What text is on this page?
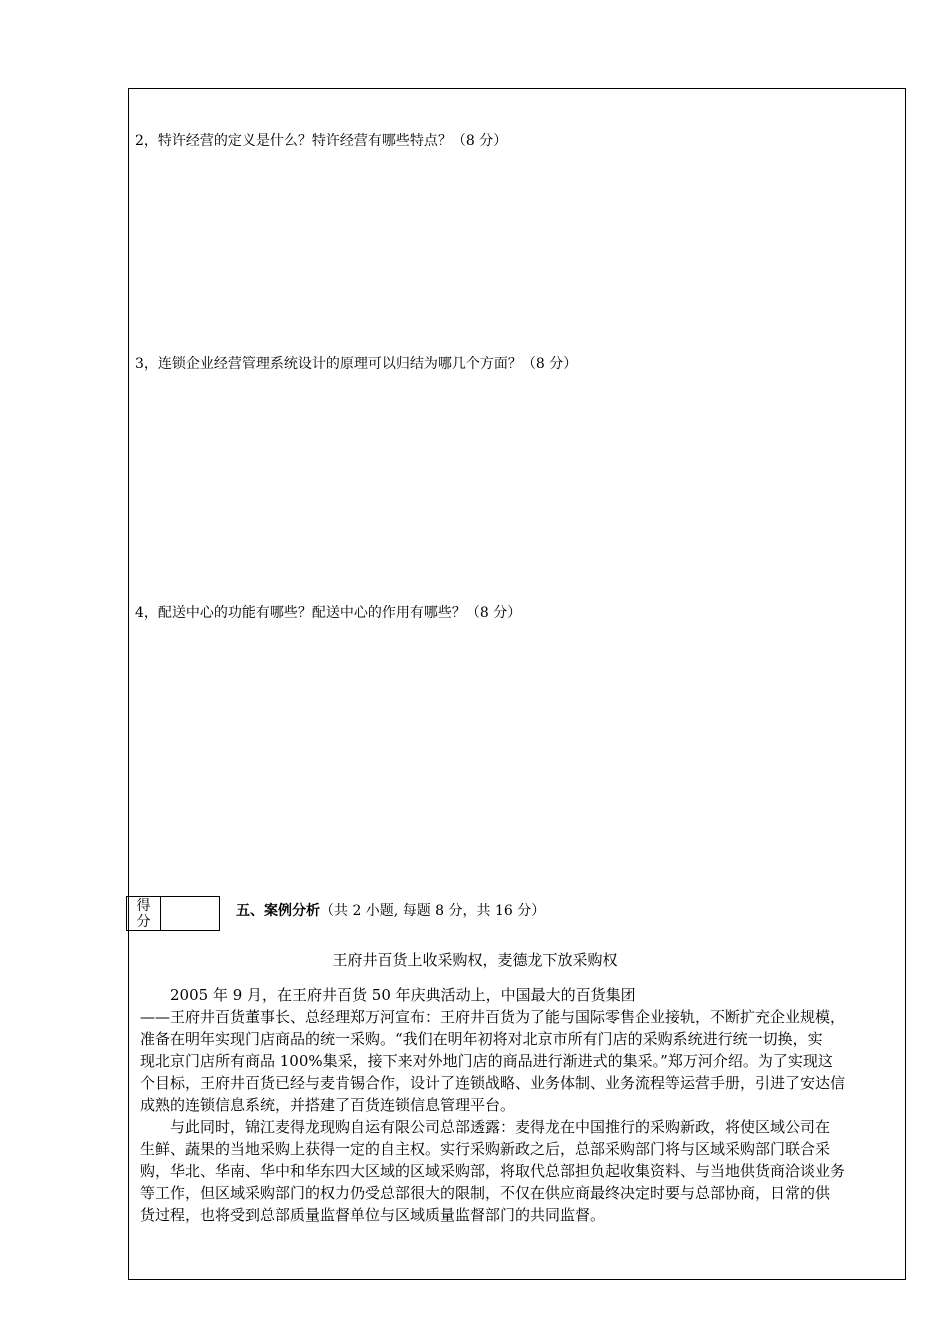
2，特许经营的定义是什么？特许经营有哪些特点？（8 分）
3，连锁企业经营管理系统设计的原理可以归结为哪几个方面？（8 分）
4，配送中心的功能有哪些？配送中心的作用有哪些？（8 分）
得
分
五、案例分析（共 2 小题, 每题 8 分，共 16 分）
王府井百货上收采购权，麦德龙下放采购权
2005 年 9 月，在王府井百货 50 年庆典活动上，中国最大的百货集团
——王府井百货董事长、总经理郑万河宣布：王府井百货为了能与国际零售企业接轨，不断扩充企业规模，
准备在明年实现门店商品的统一采购。“我们在明年初将对北京市所有门店的采购系统进行统一切换，实
现北京门店所有商品 100%集采，接下来对外地门店的商品进行渐进式的集采。”郑万河介绍。为了实现这
个目标，王府井百货已经与麦肯锡合作，设计了连锁战略、业务体制、业务流程等运营手册，引进了安达信
成熟的连锁信息系统，并搭建了百货连锁信息管理平台。
与此同时，锦江麦得龙现购自运有限公司总部透露：麦得龙在中国推行的采购新政，将使区域公司在
生鲜、蔬果的当地采购上获得一定的自主权。实行采购新政之后，总部采购部门将与区域采购部门联合采
购，华北、华南、华中和华东四大区域的区域采购部，将取代总部担负起收集资料、与当地供货商洽谈业务
等工作，但区域采购部门的权力仍受总部很大的限制，不仅在供应商最终决定时要与总部协商，日常的供
货过程，也将受到总部质量监督单位与区域质量监督部门的共同监督。
